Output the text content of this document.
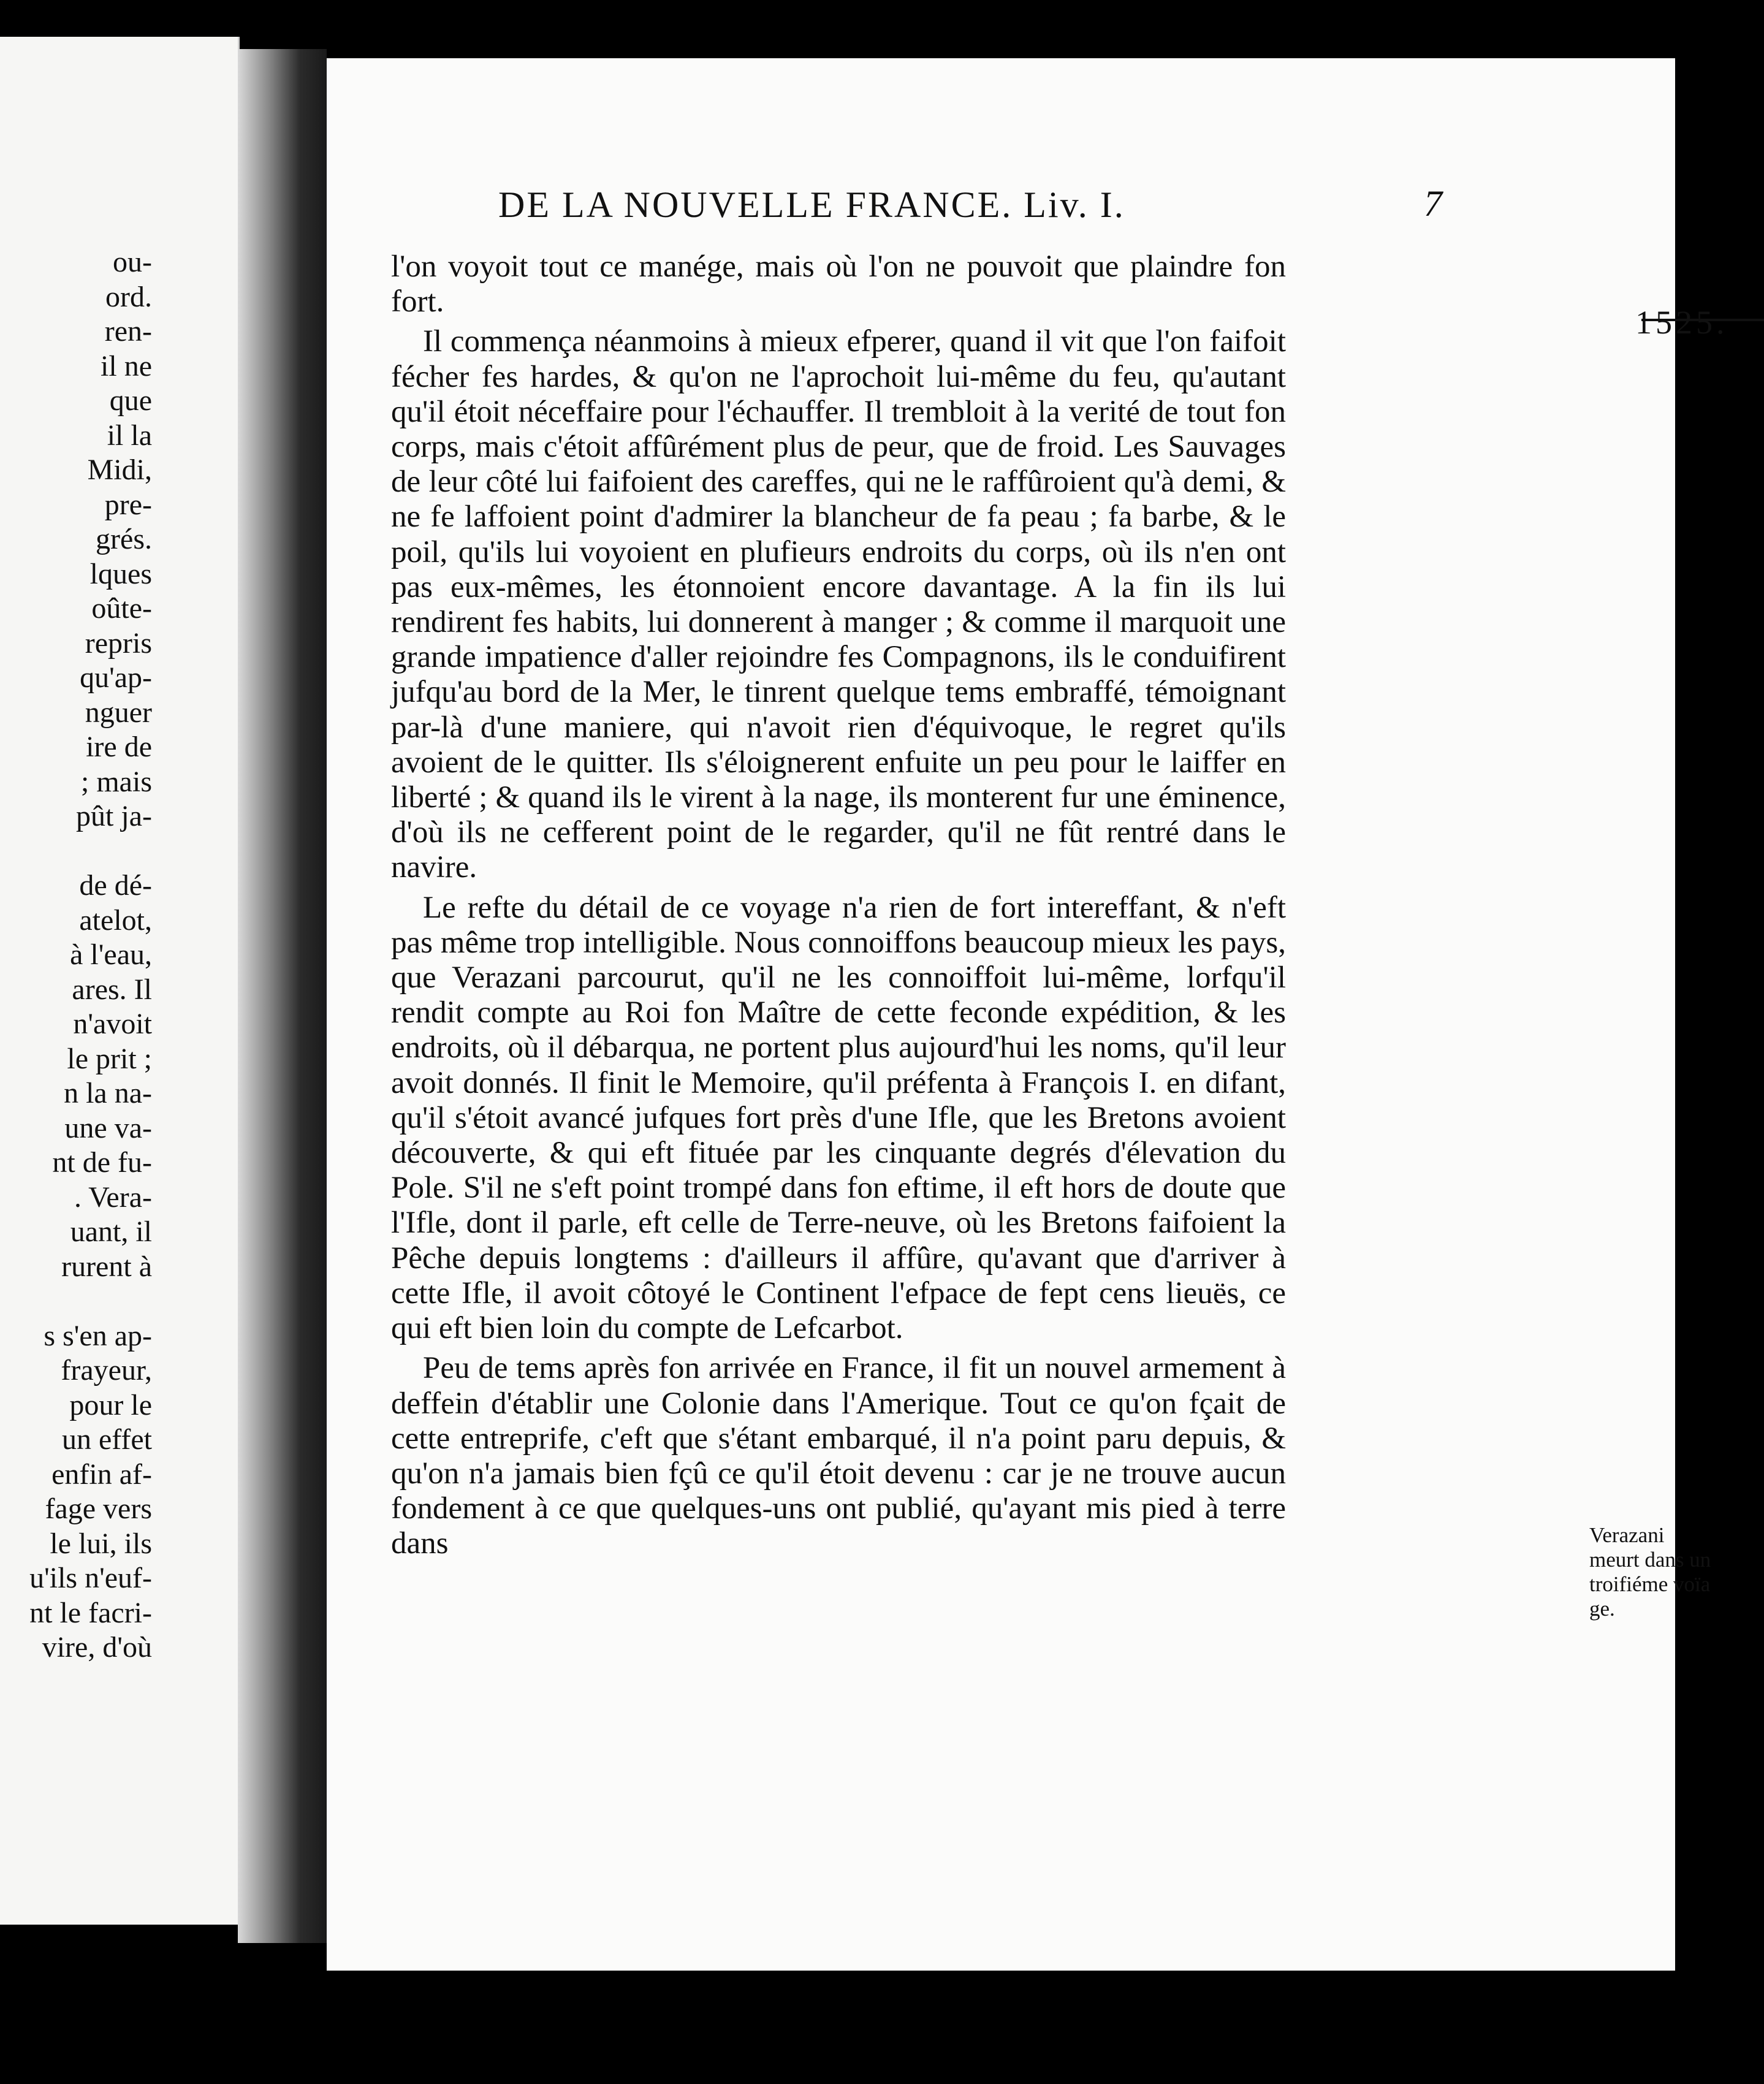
ou-
ord.
ren-
il ne
que
il la
Midi,
pre-
grés.
lques
oûte-
repris
qu'ap-
nguer
ire de
; mais
pût ja-

de dé-
atelot,
à l'eau,
ares. Il
n'avoit
le prit ;
n la na-
une va-
nt de fu-
. Vera-
uant, il
rurent à

s s'en ap-
frayeur,
pour le
un effet
enfin af-
fage vers
le lui, ils
u'ils n'euf-
nt le facri-
vire, d'où
DE LA NOUVELLE FRANCE. Liv. I.	7
1525.

l'on voyoit tout ce manége, mais où l'on ne pouvoit que plaindre fon fort.

Il commença néanmoins à mieux efperer, quand il vit que l'on faifoit fécher fes hardes, & qu'on ne l'aprochoit lui-même du feu, qu'autant qu'il étoit néceffaire pour l'échauffer. Il trembloit à la verité de tout fon corps, mais c'étoit affûrément plus de peur, que de froid. Les Sauvages de leur côté lui faifoient des careffes, qui ne le raffûroient qu'à demi, & ne fe laffoient point d'admirer la blancheur de fa peau ; fa barbe, & le poil, qu'ils lui voyoient en plufieurs endroits du corps, où ils n'en ont pas eux-mêmes, les étonnoient encore davantage. A la fin ils lui rendirent fes habits, lui donnerent à manger ; & comme il marquoit une grande impatience d'aller rejoindre fes Compagnons, ils le conduifirent jufqu'au bord de la Mer, le tinrent quelque tems embraffé, témoignant par-là d'une maniere, qui n'avoit rien d'équivoque, le regret qu'ils avoient de le quitter. Ils s'éloignerent enfuite un peu pour le laiffer en liberté ; & quand ils le virent à la nage, ils monterent fur une éminence, d'où ils ne cefferent point de le regarder, qu'il ne fût rentré dans le navire.

Le refte du détail de ce voyage n'a rien de fort intereffant, & n'eft pas même trop intelligible. Nous connoiffons beaucoup mieux les pays, que Verazani parcourut, qu'il ne les connoiffoit lui-même, lorfqu'il rendit compte au Roi fon Maître de cette feconde expédition, & les endroits, où il débarqua, ne portent plus aujourd'hui les noms, qu'il leur avoit donnés. Il finit le Memoire, qu'il préfenta à François I. en difant, qu'il s'étoit avancé jufques fort près d'une Ifle, que les Bretons avoient découverte, & qui eft fituée par les cinquante degrés d'élevation du Pole. S'il ne s'eft point trompé dans fon eftime, il eft hors de doute que l'Ifle, dont il parle, eft celle de Terre-neuve, où les Bretons faifoient la Pêche depuis longtems : d'ailleurs il affûre, qu'avant que d'arriver à cette Ifle, il avoit côtoyé le Continent l'efpace de fept cens lieuës, ce qui eft bien loin du compte de Lefcarbot.

Peu de tems après fon arrivée en France, il fit un nouvel armement à deffein d'établir une Colonie dans l'Amerique. Tout ce qu'on fçait de cette entreprife, c'eft que s'étant embarqué, il n'a point paru depuis, & qu'on n'a jamais bien fçû ce qu'il étoit devenu : car je ne trouve aucun fondement à ce que quelques-uns ont publié, qu'ayant mis pied à terre dans	Verazani
meurt dans un
troifiéme voïa
ge.
